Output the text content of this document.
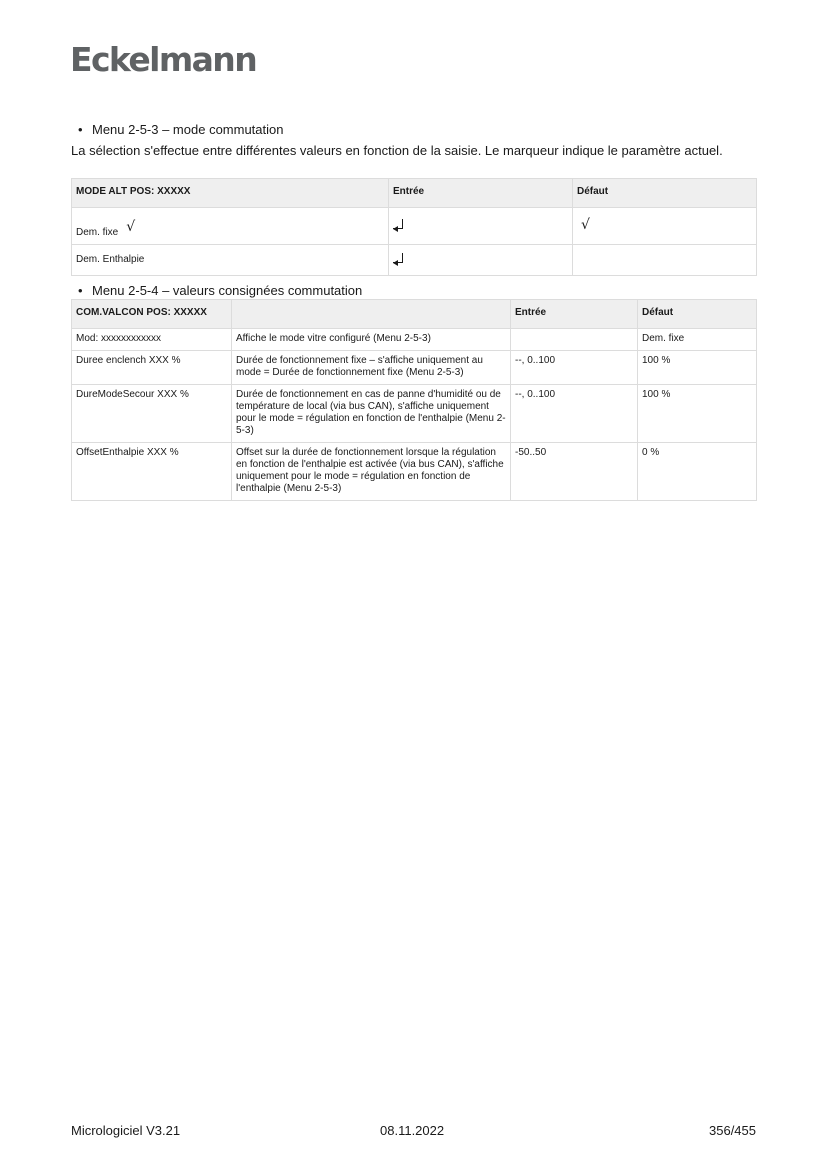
Eckelmann
• Menu 2-5-3 – mode commutation
La sélection s'effectue entre différentes valeurs en fonction de la saisie. Le marqueur indique le paramètre actuel.
MODE ALT POS: XXXXX	Entrée	Défaut
Dem. fixe √		√
Dem. Enthalpie	

• Menu 2-5-4 – valeurs consignées commutation
COM.VALCON POS: XXXXX		Entrée	Défaut
Mod: xxxxxxxxxxxx	Affiche le mode vitre configuré (Menu 2-5-3)		Dem. fixe
Duree enclench XXX %	Durée de fonctionnement fixe – s'affiche uniquement au mode = Durée de fonctionnement fixe (Menu 2-5-3)	--, 0..100	100 %
DureModeSecour XXX %	Durée de fonctionnement en cas de panne d'humidité ou de température de local (via bus CAN), s'affiche uniquement pour le mode = régulation en fonction de l'enthalpie (Menu 2-5-3)	--, 0..100	100 %
OffsetEnthalpie XXX %	Offset sur la durée de fonctionnement lorsque la régulation en fonction de l'enthalpie est activée (via bus CAN), s'affiche uniquement pour le mode = régulation en fonction de l'enthalpie (Menu 2-5-3)	-50..50	0 %
Micrologiciel V3.21	08.11.2022	356/455
